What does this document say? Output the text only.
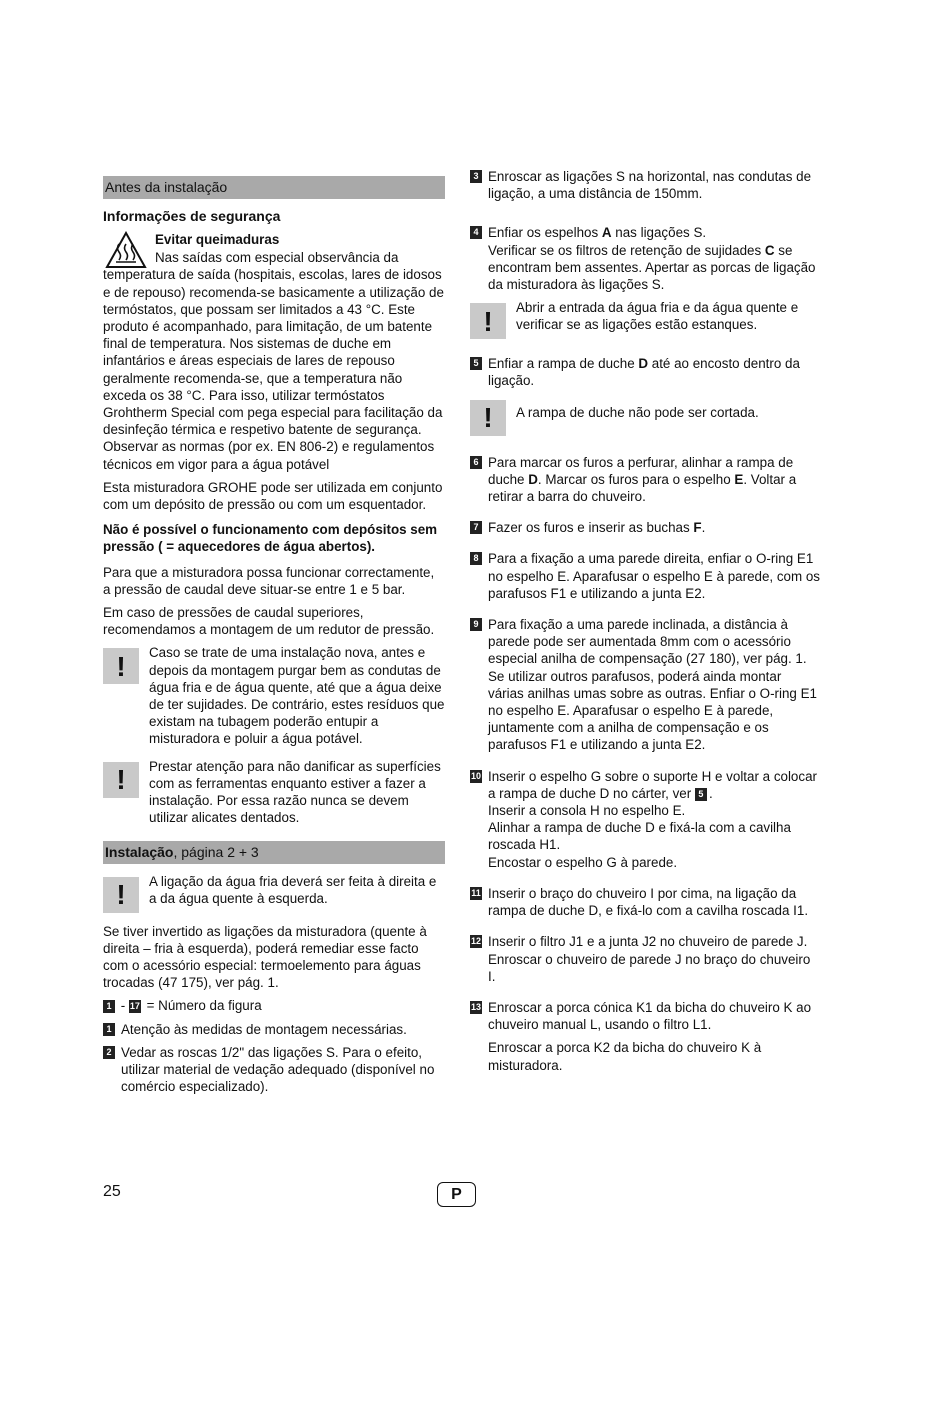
Antes da instalação
Informações de segurança
Evitar queimaduras

Nas saídas com especial observância da temperatura de saída (hospitais, escolas, lares de idosos e de repouso) recomenda-se basicamente a utilização de termóstatos, que possam ser limitados a 43 °C. Este produto é acompanhado, para limitação, de um batente final de temperatura. Nos sistemas de duche em infantários e áreas especiais de lares de repouso geralmente recomenda-se, que a temperatura não exceda os 38 °C. Para isso, utilizar termóstatos Grohtherm Special com pega especial para facilitação da desinfeção térmica e respetivo batente de segurança. Observar as normas (por ex. EN 806-2) e regulamentos técnicos em vigor para a água potável

Esta misturadora GROHE pode ser utilizada em conjunto com um depósito de pressão ou com um esquentador.

Não é possível o funcionamento com depósitos sem pressão ( = aquecedores de água abertos).

Para que a misturadora possa funcionar correctamente, a pressão de caudal deve situar-se entre 1 e 5 bar.

Em caso de pressões de caudal superiores, recomendamos a montagem de um redutor de pressão.

!	Caso se trate de uma instalação nova, antes e depois da montagem purgar bem as condutas de água fria e de água quente, até que a água deixe de ter sujidades. De contrário, estes resíduos que existam na tubagem poderão entupir a misturadora e poluir a água potável.
!	Prestar atenção para não danificar as superfícies com as ferramentas enquanto estiver a fazer a instalação. Por essa razão nunca se devem utilizar alicates dentados.
Instalação, página 2 + 3
!	A ligação da água fria deverá ser feita à direita e a da água quente à esquerda.

Se tiver invertido as ligações da misturadora (quente à direita – fria à esquerda), poderá remediar esse facto com o acessório especial: termoelemento para águas trocadas (47 175), ver pág. 1.

1 - 17 = Número da figura

1 Atenção às medidas de montagem necessárias.

2 Vedar as roscas 1/2" das ligações S. Para o efeito, utilizar material de vedação adequado (disponível no comércio especializado).

3 Enroscar as ligações S na horizontal, nas condutas de ligação, a uma distância de 150mm.

4 Enfiar os espelhos A nas ligações S.
Verificar se os filtros de retenção de sujidades C se encontram bem assentes. Apertar as porcas de ligação da misturadora às ligações S.

!	Abrir a entrada da água fria e da água quente e verificar se as ligações estão estanques.
5 Enfiar a rampa de duche D até ao encosto dentro da ligação.

!	A rampa de duche não pode ser cortada.
6 Para marcar os furos a perfurar, alinhar a rampa de duche D. Marcar os furos para o espelho E. Voltar a retirar a barra do chuveiro.

7 Fazer os furos e inserir as buchas F.

8 Para a fixação a uma parede direita, enfiar o O-ring E1 no espelho E. Aparafusar o espelho E à parede, com os parafusos F1 e utilizando a junta E2.

9 Para fixação a uma parede inclinada, a distância à parede pode ser aumentada 8mm com o acessório especial anilha de compensação (27 180), ver pág. 1. Se utilizar outros parafusos, poderá ainda montar várias anilhas umas sobre as outras. Enfiar o O-ring E1 no espelho E. Aparafusar o espelho E à parede, juntamente com a anilha de compensação e os parafusos F1 e utilizando a junta E2.

10 Inserir o espelho G sobre o suporte H e voltar a colocar a rampa de duche D no cárter, ver 5 .
Inserir a consola H no espelho E.
Alinhar a rampa de duche D e fixá-la com a cavilha roscada H1.
Encostar o espelho G à parede.

11 Inserir o braço do chuveiro I por cima, na ligação da rampa de duche D, e fixá-lo com a cavilha roscada I1.

12 Inserir o filtro J1 e a junta J2 no chuveiro de parede J.
Enroscar o chuveiro de parede J no braço do chuveiro I.

13 Enroscar a porca cónica K1 da bicha do chuveiro K ao chuveiro manual L, usando o filtro L1.

Enroscar a porca K2 da bicha do chuveiro K à misturadora.

25	P
